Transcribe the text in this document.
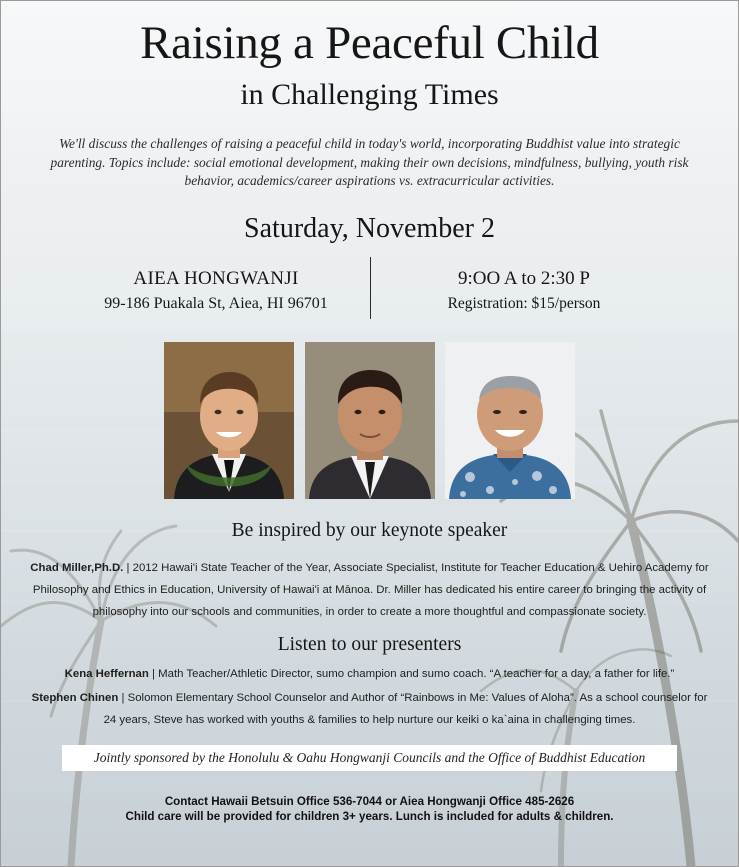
Raising a Peaceful Child
in Challenging Times
We'll discuss the challenges of raising a peaceful child in today's world, incorporating Buddhist value into strategic parenting. Topics include: social emotional development, making their own decisions, mindfulness, bullying, youth risk behavior, academics/career aspirations vs. extracurricular activities.
Saturday, November 2
AIEA HONGWANJI
99-186 Puakala St, Aiea, HI 96701
9:OO A to 2:30 P
Registration: $15/person
Be inspired by our keynote speaker
Chad Miller,Ph.D. | 2012 Hawai'i State Teacher of the Year, Associate Specialist, Institute for Teacher Education & Uehiro Academy for Philosophy and Ethics in Education, University of Hawai'i at Mānoa. Dr. Miller has dedicated his entire career to bringing the activity of philosophy into our schools and communities, in order to create a more thoughtful and compassionate society.
Listen to our presenters
Kena Heffernan | Math Teacher/Athletic Director, sumo champion and sumo coach. “A teacher for a day, a father for life.”
Stephen Chinen | Solomon Elementary School Counselor and Author of “Rainbows in Me: Values of Aloha”. As a school counselor for 24 years, Steve has worked with youths & families to help nurture our keiki o ka`aina in challenging times.
Jointly sponsored by the Honolulu & Oahu Hongwanji Councils and the Office of Buddhist Education
Contact Hawaii Betsuin Office 536-7044 or Aiea Hongwanji Office 485-2626
Child care will be provided for children 3+ years. Lunch is included for adults & children.
